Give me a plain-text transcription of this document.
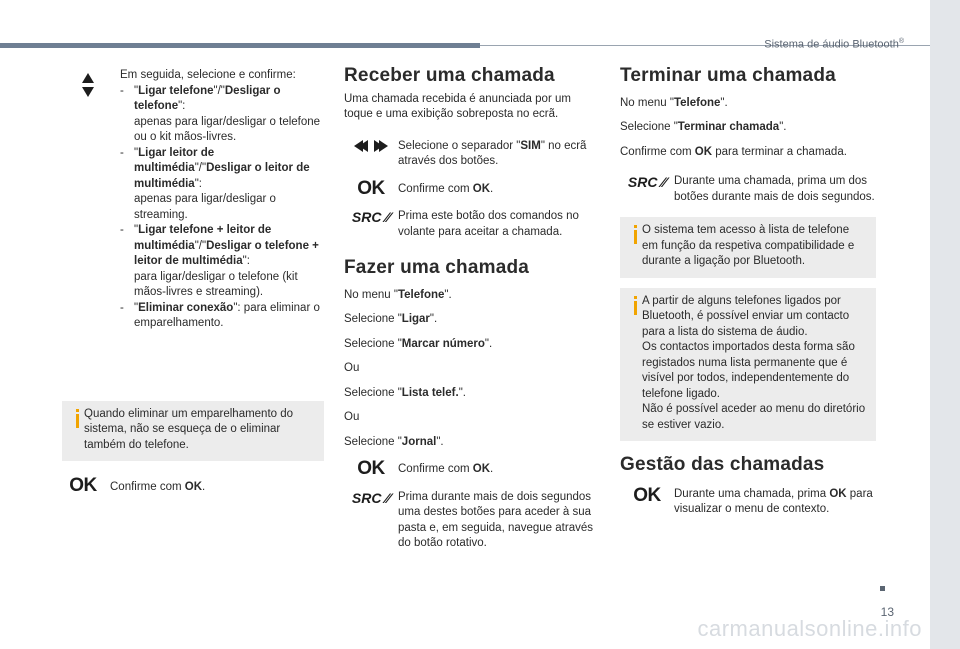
Sistema de áudio Bluetooth®
13
carmanualsonline.info
Em seguida, selecione e confirme:
- "Ligar telefone"/"Desligar o telefone":
apenas para ligar/desligar o telefone ou o kit mãos-livres.
- "Ligar leitor de multimédia"/"Desligar o leitor de multimédia":
apenas para ligar/desligar o streaming.
- "Ligar telefone + leitor de multimédia"/"Desligar o telefone + leitor de multimédia":
para ligar/desligar o telefone (kit mãos-livres e streaming).
- "Eliminar conexão": para eliminar o emparelhamento.
Quando eliminar um emparelhamento do sistema, não se esqueça de o eliminar também do telefone.
OK Confirme com OK.
Receber uma chamada
Uma chamada recebida é anunciada por um toque e uma exibição sobreposta no ecrã.
Selecione o separador "SIM" no ecrã através dos botões.
OK Confirme com OK.
SRC ⁄⁄ Prima este botão dos comandos no volante para aceitar a chamada.
Fazer uma chamada
No menu "Telefone".
Selecione "Ligar".
Selecione "Marcar número".
Ou
Selecione "Lista telef.".
Ou
Selecione "Jornal".
OK Confirme com OK.
SRC ⁄⁄ Prima durante mais de dois segundos uma destes botões para aceder à sua pasta e, em seguida, navegue através do botão rotativo.
Terminar uma chamada
No menu "Telefone".
Selecione "Terminar chamada".
Confirme com OK para terminar a chamada.
SRC ⁄⁄ Durante uma chamada, prima um dos botões durante mais de dois segundos.
O sistema tem acesso à lista de telefone em função da respetiva compatibilidade e durante a ligação por Bluetooth.
A partir de alguns telefones ligados por Bluetooth, é possível enviar um contacto para a lista do sistema de áudio.
Os contactos importados desta forma são registados numa lista permanente que é visível por todos, independentemente do telefone ligado.
Não é possível aceder ao menu do diretório se estiver vazio.
Gestão das chamadas
OK Durante uma chamada, prima OK para visualizar o menu de contexto.
